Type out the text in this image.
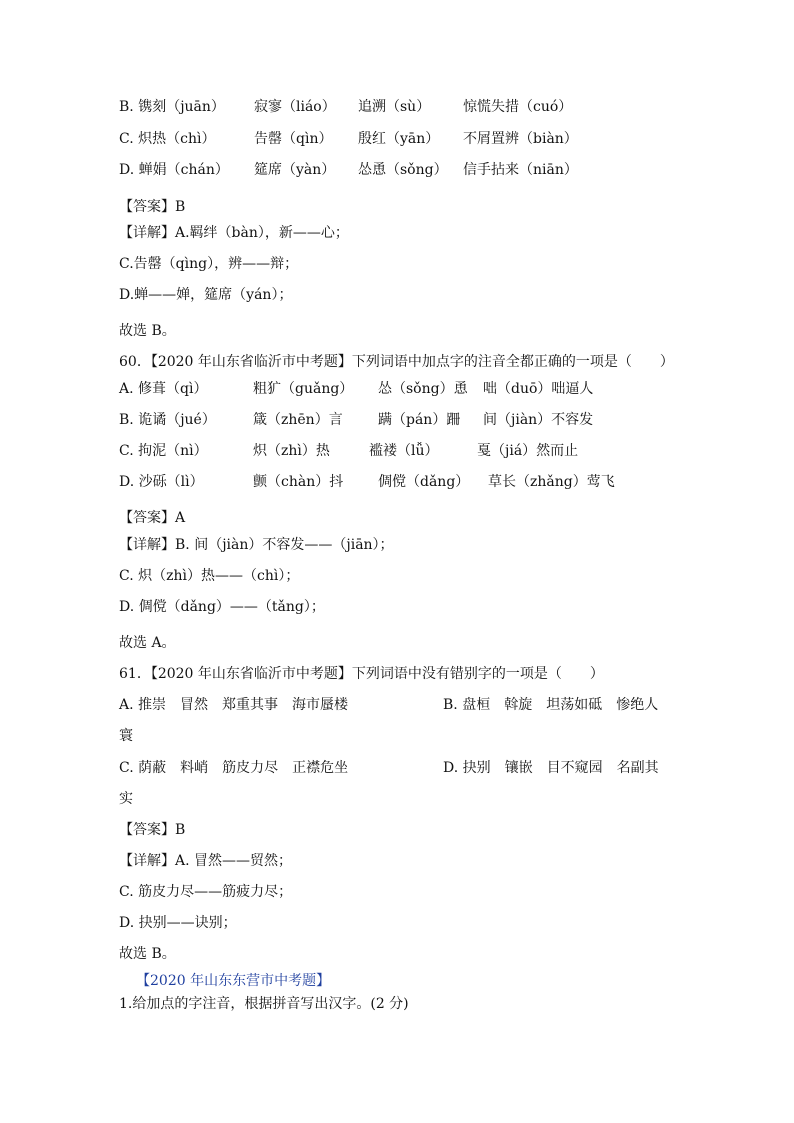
B. 镌刻（juān） 寂寥（liáo） 追溯（sù） 惊慌失措（cuó）
C. 炽热（chì）	告罄（qìn） 殷红（yān） 不屑置辨（biàn）
D. 蝉娟（chán） 筵席（yàn） 怂恿（sǒng） 信手拈来（niān）
【答案】B
【详解】A.羁绊（bàn），新——心；
C.告罄（qìng），辨——辩；
D.蝉——婵，筵席（yán）；
故选 B。
60．【2020 年山东省临沂市中考题】下列词语中加点字的注音全都正确的一项是（　　）
A. 修葺（qì）	粗犷（guǎng） 怂（sǒng）恿 咄（duō）咄逼人
B. 诡谲（jué）	箴（zhēn）言	蹒（pán）跚 间（jiàn）不容发
C. 拘泥（nì）	炽（zhì）热	褴褛（lǚ）	戛（jiá）然而止
D. 沙砾（lì）	颤（chàn）抖 倜傥（dǎng） 草长（zhǎng）莺飞
【答案】A
【详解】B. 间（jiàn）不容发——（jiān）；
C. 炽（zhì）热——（chì）；
D. 倜傥（dǎng）——（tǎng）；
故选 A。
61．【2020 年山东省临沂市中考题】下列词语中没有错别字的一项是（　　）
A. 推崇　冒然　郑重其事　海市蜃楼	B. 盘桓　斡旋　坦荡如砥　惨绝人
寰
C. 荫蔽　料峭　筋皮力尽　正襟危坐	D. 抉别　镶嵌　目不窥园　名副其
实
【答案】B
【详解】A. 冒然——贸然；
C. 筋皮力尽——筋疲力尽；
D. 抉别——诀别；
故选 B。
【2020 年山东东营市中考题】
1.给加点的字注音，根据拼音写出汉字。(2 分)
